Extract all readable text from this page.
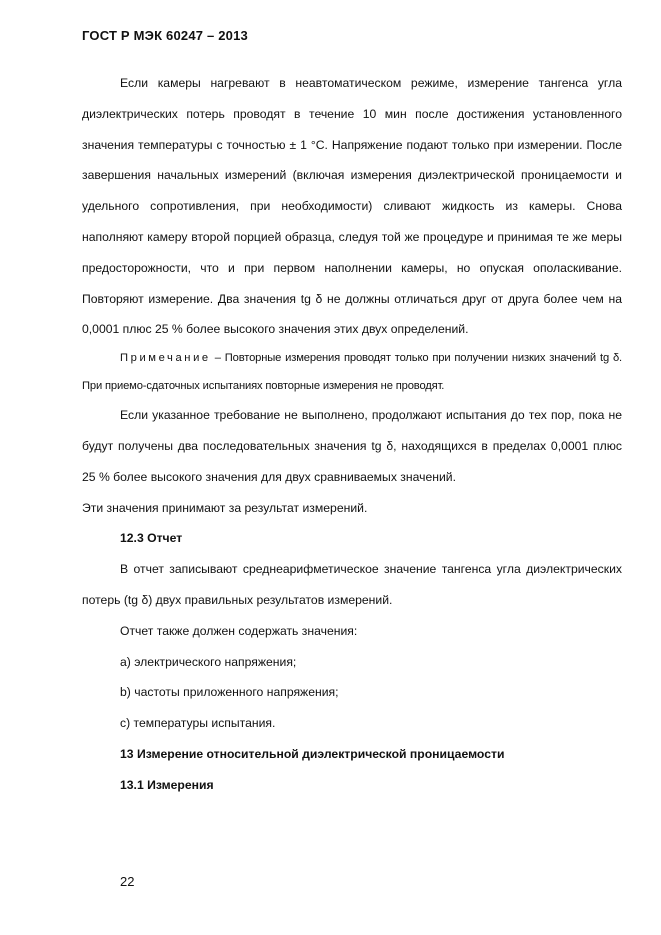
ГОСТ Р МЭК 60247 – 2013

Если камеры нагревают в неавтоматическом режиме, измерение тангенса угла диэлектрических потерь проводят в течение 10 мин после достижения установленного значения температуры с точностью ± 1 °С. Напряжение подают только при измерении. После завершения начальных измерений (включая измерения диэлектрической проницаемости и удельного сопротивления, при необходимости) сливают жидкость из камеры. Снова наполняют камеру второй порцией образца, следуя той же процедуре и принимая те же меры предосторожности, что и при первом наполнении камеры, но опуская ополаскивание. Повторяют измерение. Два значения tg δ не должны отличаться друг от друга более чем на 0,0001 плюс 25 % более высокого значения этих двух определений.

Примечание – Повторные измерения проводят только при получении низких значений tg δ. При приемо-сдаточных испытаниях повторные измерения не проводят.

Если указанное требование не выполнено, продолжают испытания до тех пор, пока не будут получены два последовательных значения tg δ, находящихся в пределах 0,0001 плюс 25 % более высокого значения для двух сравниваемых значений.

Эти значения принимают за результат измерений.

12.3 Отчет

В отчет записывают среднеарифметическое значение тангенса угла диэлектрических потерь (tg δ) двух правильных результатов измерений.

Отчет также должен содержать значения:

a) электрического напряжения;

b) частоты приложенного напряжения;

c) температуры испытания.

13 Измерение относительной диэлектрической проницаемости

13.1 Измерения

22
